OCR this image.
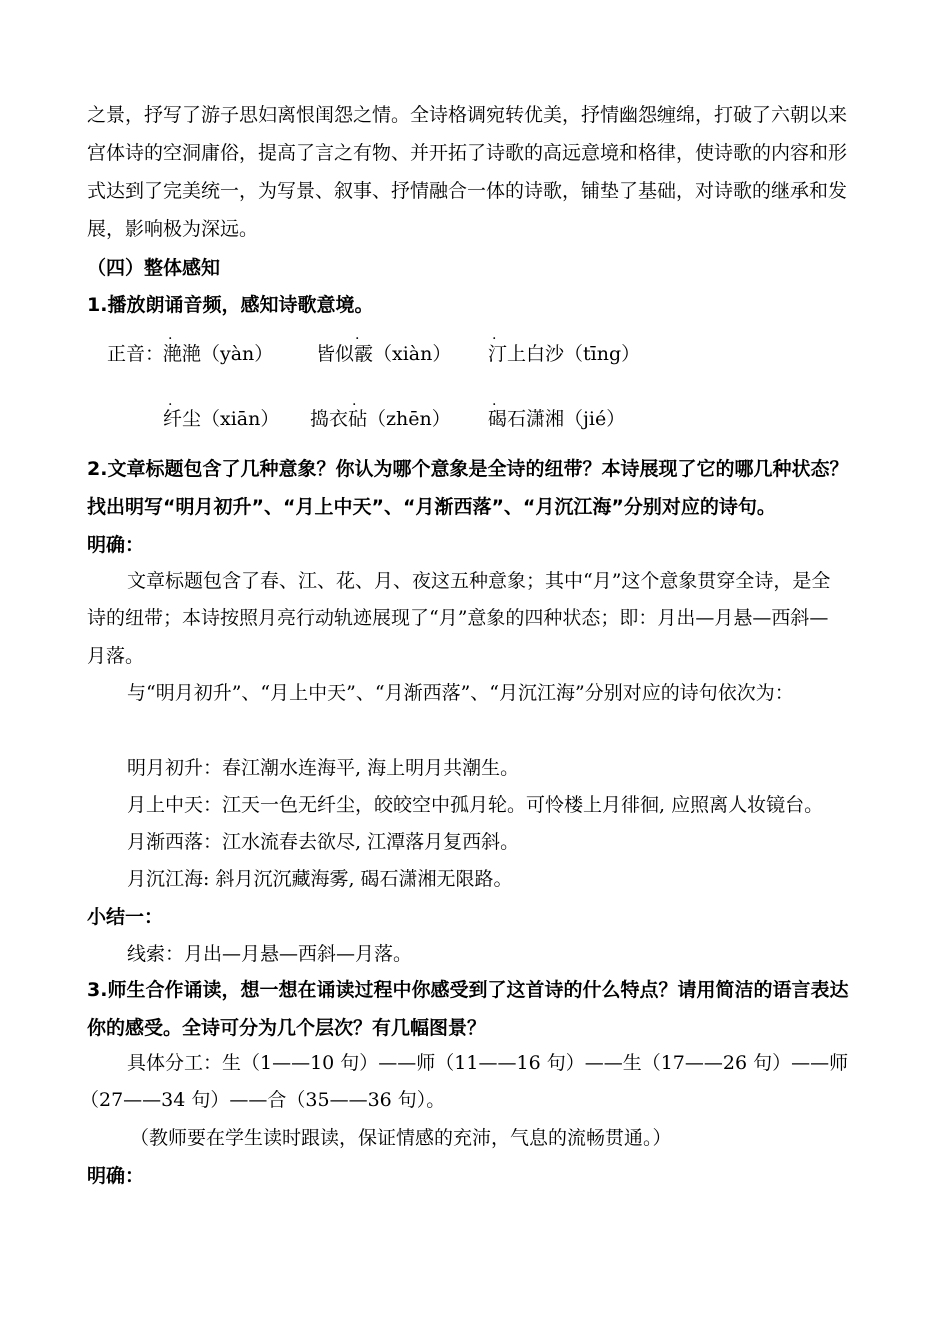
之景，抒写了游子思妇离恨闺怨之情。全诗格调宛转优美，抒情幽怨缠绵，打破了六朝以来
宫体诗的空洞庸俗，提高了言之有物、并开拓了诗歌的高远意境和格律，使诗歌的内容和形
式达到了完美统一，为写景、叙事、抒情融合一体的诗歌，铺垫了基础，对诗歌的继承和发
展，影响极为深远。
（四）整体感知
1.播放朗诵音频，感知诗歌意境。
.	.	.
正音：
滟滟（yàn） 皆似霰（xiàn） 汀上白沙（tīng）
.	.	.
纤尘（xiān） 捣衣砧（zhēn） 碣石潇湘（jié）
2.文章标题包含了几种意象？你认为哪个意象是全诗的纽带？本诗展现了它的哪几种状态？
找出明写“明月初升”、“月上中天”、“月渐西落”、“月沉江海”分别对应的诗句。
明确：
文章标题包含了春、江、花、月、夜这五种意象；其中“月”这个意象贯穿全诗，是全
诗的纽带；本诗按照月亮行动轨迹展现了“月”意象的四种状态；即：月出—月悬—西斜—
月落。
与“明月初升”、“月上中天”、“月渐西落”、“月沉江海”分别对应的诗句依次为：
明月初升：春江潮水连海平, 海上明月共潮生。
月上中天：江天一色无纤尘，皎皎空中孤月轮。可怜楼上月徘徊, 应照离人妆镜台。
月渐西落：江水流春去欲尽, 江潭落月复西斜。
月沉江海: 斜月沉沉藏海雾, 碣石潇湘无限路。
小结一：
线索：月出—月悬—西斜—月落。
3.师生合作诵读，想一想在诵读过程中你感受到了这首诗的什么特点？请用简洁的语言表达
你的感受。全诗可分为几个层次？有几幅图景？
具体分工：生（1——10 句）——师（11——16 句）——生（17——26 句）——师
（27——34 句）——合（35——36 句）。
（教师要在学生读时跟读，保证情感的充沛，气息的流畅贯通。）
明确：
